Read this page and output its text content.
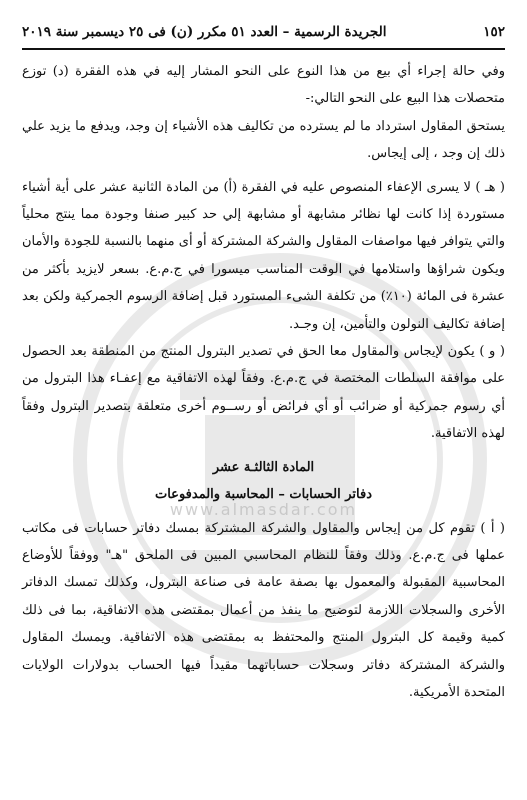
www.almasdar.com
١٥٢
الجريدة الرسمية – العدد ٥١ مكرر (ن) فى ٢٥ ديسمبر سنة ٢٠١٩

وفي حالة إجراء أي بيع من هذا النوع على النحو المشار إليه في هذه الفقرة (د) توزع متحصلات هذا البيع على النحو التالي:-

يستحق المقاول استرداد ما لم يسترده من تكاليف هذه الأشياء إن وجد، ويدفع ما يزيد علي ذلك إن وجد ، إلى إيجاس.

( هـ ) لا يسرى الإعفاء المنصوص عليه في الفقرة (أ) من المادة الثانية عشر على أية أشياء مستوردة إذا كانت لها نظائر مشابهة أو مشابهة إلي حد كبير صنفا وجودة مما ينتج محلياً والتي يتوافر فيها مواصفات المقاول والشركة المشتركة أو أى منهما بالنسبة للجودة والأمان ويكون شراؤها واستلامها في الوقت المناسب ميسورا في ج.م.ع. بسعر لايزيد بأكثر من عشرة فى المائة (١٠٪) من تكلفة الشىء المستورد قبل إضافة الرسوم الجمركية ولكن بعد إضافة تكاليف النولون والتأمين، إن وجـد.

( و ) يكون لإيجاس والمقاول معا الحق في تصدير البترول المنتج من المنطقة بعد الحصول على موافقة السلطات المختصة في ج.م.ع. وفقاً لهذه الاتفاقية مع إعفـاء هذا البترول من أي رسوم جمركية أو ضرائب أو أي فرائض أو رســوم أخرى متعلقة بتصدير البترول وفقاً لهذه الاتفاقية.

المادة الثالثـة عشر

دفاتر الحسابات – المحاسبة والمدفوعات

( أ ) تقوم كل من إيجاس والمقاول والشركة المشتركة بمسك دفاتر حسابات فى مكاتب عملها فى ج.م.ع. وذلك وفقاً للنظام المحاسبي المبين فى الملحق "هـ" ووفقاً للأوضاع المحاسبية المقبولة والمعمول بها بصفة عامة فى صناعة البترول، وكذلك تمسك الدفاتر الأخرى والسجلات اللازمة لتوضيح ما ينفذ من أعمال بمقتضى هذه الاتفاقية، بما فى ذلك كمية وقيمة كل البترول المنتج والمحتفظ به بمقتضى هذه الاتفاقية. ويمسك المقاول والشركة المشتركة دفاتر وسجلات حساباتهما مقيداً فيها الحساب بدولارات الولايات المتحدة الأمريكية.
